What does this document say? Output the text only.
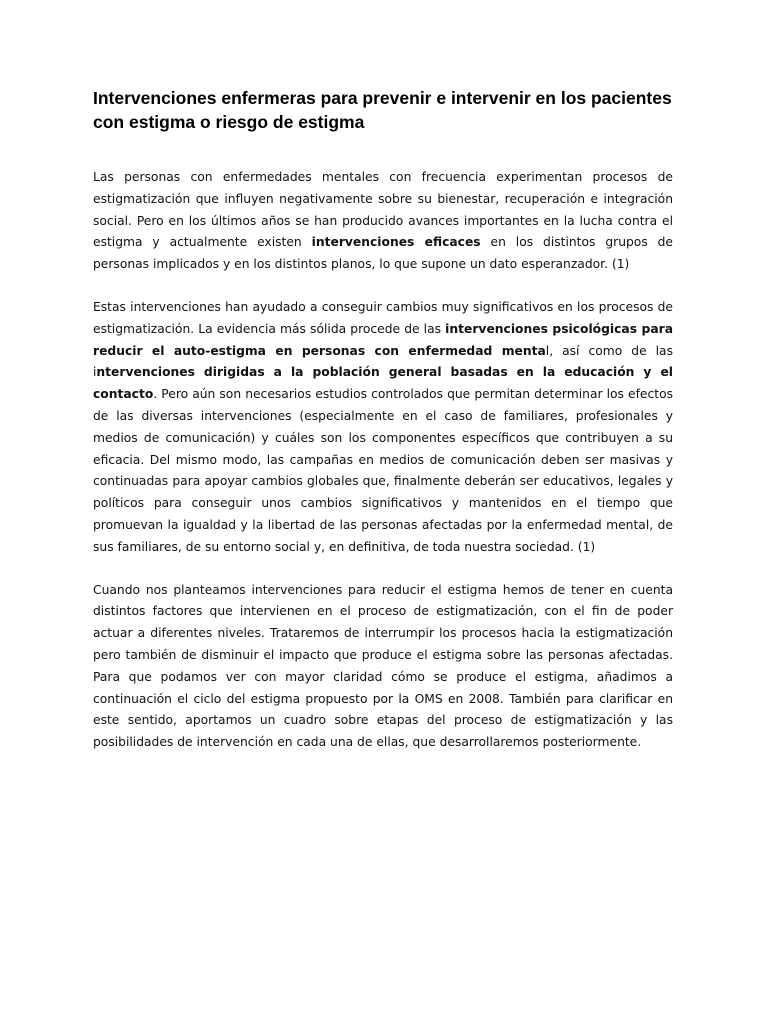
Intervenciones enfermeras para prevenir e intervenir en los pacientes con estigma o riesgo de estigma

Las personas con enfermedades mentales con frecuencia experimentan procesos de estigmatización que influyen negativamente sobre su bienestar, recuperación e integración social. Pero en los últimos años se han producido avances importantes en la lucha contra el estigma y actualmente existen intervenciones eficaces en los distintos grupos de personas implicados y en los distintos planos, lo que supone un dato esperanzador. (1)

Estas intervenciones han ayudado a conseguir cambios muy significativos en los procesos de estigmatización. La evidencia más sólida procede de las intervenciones psicológicas para reducir el auto-estigma en personas con enfermedad mental, así como de las intervenciones dirigidas a la población general basadas en la educación y el contacto. Pero aún son necesarios estudios controlados que permitan determinar los efectos de las diversas intervenciones (especialmente en el caso de familiares, profesionales y medios de comunicación) y cuáles son los componentes específicos que contribuyen a su eficacia. Del mismo modo, las campañas en medios de comunicación deben ser masivas y continuadas para apoyar cambios globales que, finalmente deberán ser educativos, legales y políticos para conseguir unos cambios significativos y mantenidos en el tiempo que promuevan la igualdad y la libertad de las personas afectadas por la enfermedad mental, de sus familiares, de su entorno social y, en definitiva, de toda nuestra sociedad. (1)

Cuando nos planteamos intervenciones para reducir el estigma hemos de tener en cuenta distintos factores que intervienen en el proceso de estigmatización, con el fin de poder actuar a diferentes niveles. Trataremos de interrumpir los procesos hacia la estigmatización pero también de disminuir el impacto que produce el estigma sobre las personas afectadas. Para que podamos ver con mayor claridad cómo se produce el estigma, añadimos a continuación el ciclo del estigma propuesto por la OMS en 2008. También para clarificar en este sentido, aportamos un cuadro sobre etapas del proceso de estigmatización y las posibilidades de intervención en cada una de ellas, que desarrollaremos posteriormente.
